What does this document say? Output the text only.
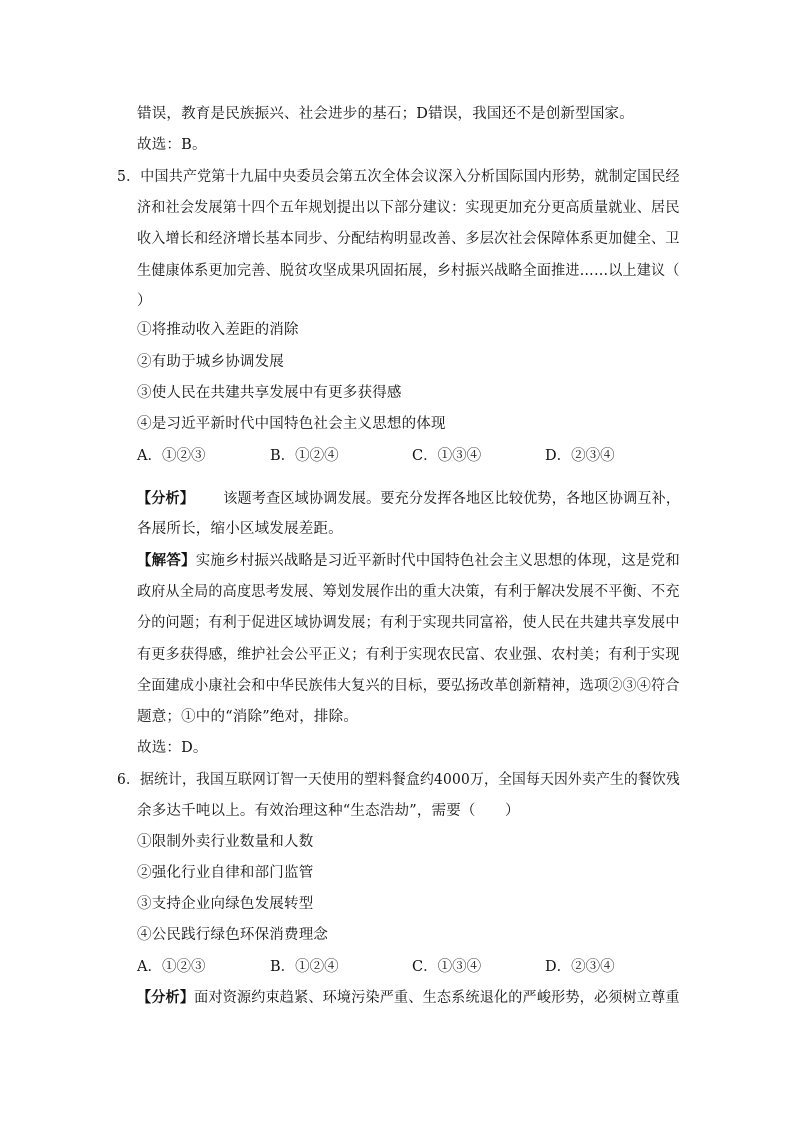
错误，教育是民族振兴、社会进步的基石；D错误，我国还不是创新型国家。
故选：B。
5．中国共产党第十九届中央委员会第五次全体会议深入分析国际国内形势，就制定国民经
济和社会发展第十四个五年规划提出以下部分建议：实现更加充分更高质量就业、居民
收入增长和经济增长基本同步、分配结构明显改善、多层次社会保障体系更加健全、卫
生健康体系更加完善、脱贫攻坚成果巩固拓展，乡村振兴战略全面推进……以上建议（
）
①将推动收入差距的消除
②有助于城乡协调发展
③使人民在共建共享发展中有更多获得感
④是习近平新时代中国特色社会主义思想的体现
A．①②③	B．①②④	C．①③④	D．②③④
【分析】 该题考查区域协调发展。要充分发挥各地区比较优势，各地区协调互补，
各展所长，缩小区域发展差距。
【解答】实施乡村振兴战略是习近平新时代中国特色社会主义思想的体现，这是党和
政府从全局的高度思考发展、筹划发展作出的重大决策，有利于解决发展不平衡、不充
分的问题；有利于促进区域协调发展；有利于实现共同富裕，使人民在共建共享发展中
有更多获得感，维护社会公平正义；有利于实现农民富、农业强、农村美；有利于实现
全面建成小康社会和中华民族伟大复兴的目标，要弘扬改革创新精神，选项②③④符合
题意；①中的“消除”绝对，排除。
故选：D。
6．据统计，我国互联网订智一天使用的塑料餐盒约4000万，全国每天因外卖产生的餐饮残
余多达千吨以上。有效治理这种“生态浩劫”，需要（　　）
①限制外卖行业数量和人数
②强化行业自律和部门监管
③支持企业向绿色发展转型
④公民践行绿色环保消费理念
A．①②③	B．①②④	C．①③④	D．②③④
【分析】面对资源约束趋紧、环境污染严重、生态系统退化的严峻形势，必须树立尊重
